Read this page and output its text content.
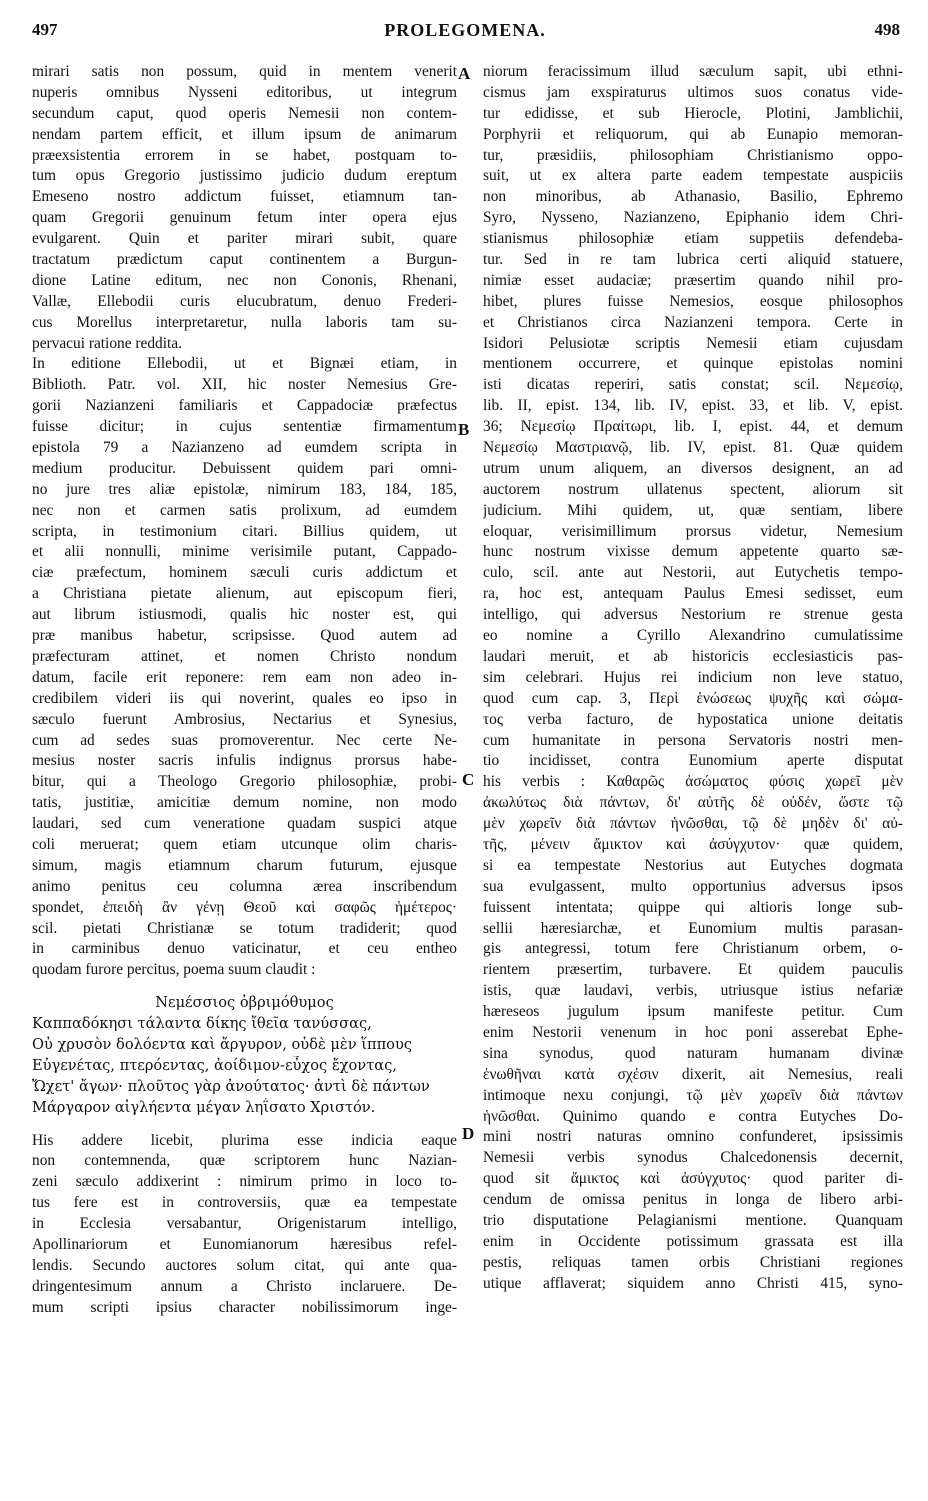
497	PROLEGOMENA.	498
mirari satis non possum, quid in mentem venerit
nuperis omnibus Nysseni editoribus, ut integrum
secundum caput, quod operis Nemesii non contem-
nendam partem efficit, et illum ipsum de animarum
præexsistentia errorem in se habet, postquam to-
tum opus Gregorio justissimo judicio dudum ereptum
Emeseno nostro addictum fuisset, etiamnum tan-
quam Gregorii genuinum fetum inter opera ejus
evulgarent. Quin et pariter mirari subit, quare
tractatum prædictum caput continentem a Burgun-
dione Latine editum, nec non Cononis, Rhenani,
Vallæ, Ellebodii curis elucubratum, denuo Frederi-
cus Morellus interpretaretur, nulla laboris tam su-
pervacui ratione reddita.
In editione Ellebodii, ut et Bignæi etiam, in
Biblioth. Patr. vol. XII, hic noster Nemesius Gre-
gorii Nazianzeni familiaris et Cappadociæ præfectus
fuisse dicitur; in cujus sententiæ firmamentum
epistola 79 a Nazianzeno ad eumdem scripta in
medium producitur. Debuissent quidem pari omni-
no jure tres aliæ epistolæ, nimirum 183, 184, 185,
nec non et carmen satis prolixum, ad eumdem
scripta, in testimonium citari. Billius quidem, ut
et alii nonnulli, minime verisimile putant, Cappado-
ciæ præfectum, hominem sæculi curis addictum et
a Christiana pietate alienum, aut episcopum fieri,
aut librum istiusmodi, qualis hic noster est, qui
præ manibus habetur, scripsisse. Quod autem ad
præfecturam attinet, et nomen Christo nondum
datum, facile erit reponere: rem eam non adeo in-
credibilem videri iis qui noverint, quales eo ipso in
sæculo fuerunt Ambrosius, Nectarius et Synesius,
cum ad sedes suas promoverentur. Nec certe Ne-
mesius noster sacris infulis indignus prorsus habe-
bitur, qui a Theologo Gregorio philosophiæ, probi-
tatis, justitiæ, amicitiæ demum nomine, non modo
laudari, sed cum veneratione quadam suspici atque
coli meruerat; quem etiam utcunque olim charis-
simum, magis etiamnum charum futurum, ejusque
animo penitus ceu columna ærea inscribendum
spondet, ἐπειδὴ ἂν γένῃ Θεοῦ καὶ σαφῶς ἡμέτερος·
scil. pietati Christianæ se totum tradiderit; quod
in carminibus denuo vaticinatur, et ceu entheo
quodam furore percitus, poema suum claudit :
Νεμέσσιος ὀβριμόθυμος
Καππαδόκησι τάλαντα δίκης ἴθεῖα τανύσσας,
Οὐ χρυσὸν δολόεντα καὶ ἄργυρον, οὐδὲ μὲν ἵππους
Εὐγενέτας, πτερόεντας, ἀοίδιμον-εὖχος ἔχοντας,
Ὤχετ' ἄγων· πλοῦτος γὰρ ἀνούτατος· ἀντὶ δὲ πάντων
Μάργαρον αἰγλήεντα μέγαν ληΐσατο Χριστόν.
His addere licebit, plurima esse indicia eaque
non contemnenda, quæ scriptorem hunc Nazian-
zeni sæculo addixerint : nimirum primo in loco to-
tus fere est in controversiis, quæ ea tempestate
in Ecclesia versabantur, Origenistarum intelligo,
Apollinariorum et Eunomianorum hæresibus refel-
lendis. Secundo auctores solum citat, qui ante qua-
dringentesimum annum a Christo inclaruere. De-
mum scripti ipsius character nobilissimorum inge-
niorum feracissimum illud sæculum sapit, ubi ethni-
cismus jam exspiraturus ultimos suos conatus vide-
tur edidisse, et sub Hierocle, Plotini, Jamblichii,
Porphyrii et reliquorum, qui ab Eunapio memoran-
tur, præsidiis, philosophiam Christianismo oppo-
suit, ut ex altera parte eadem tempestate auspiciis
non minoribus, ab Athanasio, Basilio, Ephremo
Syro, Nysseno, Nazianzeno, Epiphanio idem Chri-
stianismus philosophiæ etiam suppetiis defendeba-
tur. Sed in re tam lubrica certi aliquid statuere,
nimiæ esset audaciæ; præsertim quando nihil pro-
hibet, plures fuisse Nemesios, eosque philosophos
et Christianos circa Nazianzeni tempora. Certe in
Isidori Pelusiotæ scriptis Nemesii etiam cujusdam
mentionem occurrere, et quinque epistolas nomini
isti dicatas reperiri, satis constat; scil. Νεμεσίῳ,
lib. II, epist. 134, lib. IV, epist. 33, et lib. V, epist.
36; Νεμεσίῳ Πραίτωρι, lib. I, epist. 44, et demum
Νεμεσίῳ Μαστριανῷ, lib. IV, epist. 81. Quæ quidem
utrum unum aliquem, an diversos designent, an ad
auctorem nostrum ullatenus spectent, aliorum sit
judicium. Mihi quidem, ut, quæ sentiam, libere
eloquar, verisimillimum prorsus videtur, Nemesium
hunc nostrum vixisse demum appetente quarto sæ-
culo, scil. ante aut Nestorii, aut Eutychetis tempo-
ra, hoc est, antequam Paulus Emesi sedisset, eum
intelligo, qui adversus Nestorium re strenue gesta
eo nomine a Cyrillo Alexandrino cumulatissime
laudari meruit, et ab historicis ecclesiasticis pas-
sim celebrari. Hujus rei indicium non leve statuo,
quod cum cap. 3, Περὶ ἑνώσεως ψυχῆς καὶ σώμα-
τος verba facturo, de hypostatica unione deitatis
cum humanitate in persona Servatoris nostri men-
tio incidisset, contra Eunomium aperte disputat
his verbis : Καθαρῶς ἀσώματος φύσις χωρεῖ μὲν
ἀκωλύτως διὰ πάντων, δι' αὐτῆς δὲ οὐδέν, ὥστε τῷ
μὲν χωρεῖν διὰ πάντων ἡνῶσθαι, τῷ δὲ μηδὲν δι' αὐ-
τῆς, μένειν ἄμικτον καὶ ἀσύγχυτον· quæ quidem,
si ea tempestate Nestorius aut Eutyches dogmata
sua evulgassent, multo opportunius adversus ipsos
fuissent intentata; quippe qui altioris longe sub-
sellii hæresiarchæ, et Eunomium multis parasan-
gis antegressi, totum fere Christianum orbem, o-
rientem præsertim, turbavere. Et quidem pauculis
istis, quæ laudavi, verbis, utriusque istius nefariæ
hæreseos jugulum ipsum manifeste petitur. Cum
enim Nestorii venenum in hoc poni asserebat Ephe-
sina synodus, quod naturam humanam divinæ
ἑνωθῆναι κατὰ σχέσιν dixerit, ait Nemesius, reali
intimoque nexu conjungi, τῷ μὲν χωρεῖν διὰ πάντων
ἡνῶσθαι. Quinimo quando e contra Eutyches Do-
mini nostri naturas omnino confunderet, ipsissimis
Nemesii verbis synodus Chalcedonensis decernit,
quod sit ἄμικτος καὶ ἀσύγχυτος· quod pariter di-
cendum de omissa penitus in longa de libero arbi-
trio disputatione Pelagianismi mentione. Quanquam
enim in Occidente potissimum grassata est illa
pestis, reliquas tamen orbis Christiani regiones
utique afflaverat; siquidem anno Christi 415, syno-
A
B
C
D
